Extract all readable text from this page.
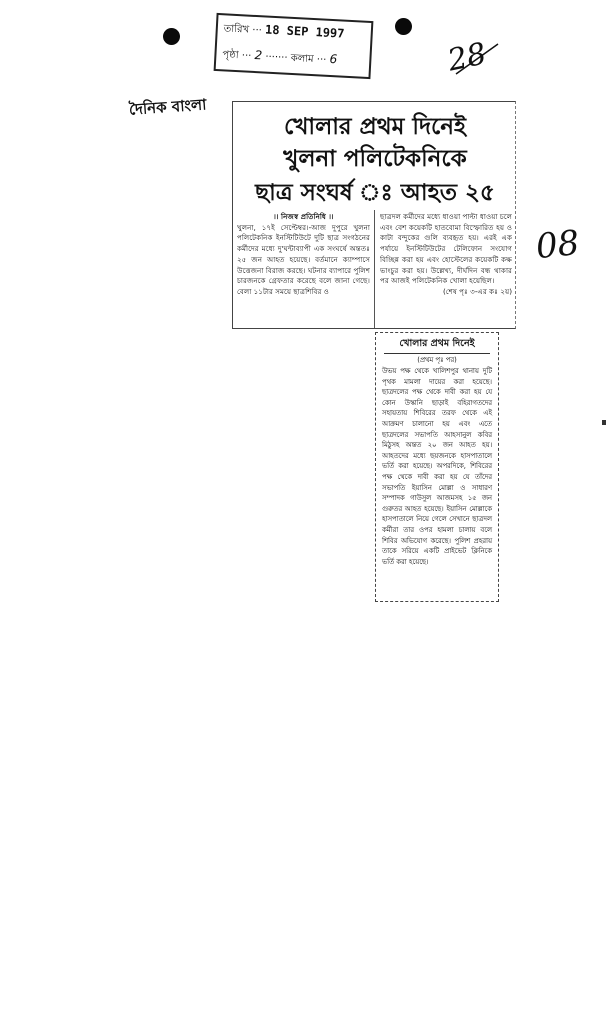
তারিখ ··· 18 SEP 1997
পৃষ্ঠা ··· 2 ······· কলাম ··· 6	28
08
দৈনিক বাংলা
খোলার প্রথম দিনেই
খুলনা পলিটেকনিকে
ছাত্র সংঘর্ষ ঃ আহত ২৫
।। নিজস্ব প্রতিনিধি ।।
খুলনা, ১৭ই সেপ্টেম্বর।-আজ দুপুরে খুলনা পলিটেকনিক ইনস্টিটিউটে দুটি ছাত্র সংগঠনের কর্মীদের মধ্যে দু'ঘন্টাব্যাপী এক সংঘর্ষে অন্ততঃ ২৫ জন আহত হয়েছে। বর্তমানে ক্যাম্পাসে উত্তেজনা বিরাজ করছে। ঘটনার ব্যাপারে পুলিশ চারজনকে গ্রেফতার করেছে বলে জানা গেছে। বেলা ১১টার সময়ে ছাত্রশিবির ও
ছাত্রদল কর্মীদের মধ্যে ধাওয়া পাল্টা ধাওয়া চলে এবং বেশ কয়েকটি হাতবোমা বিস্ফোরিত হয় ও কাটা বন্দুকের গুলি ব্যবহৃত হয়। এরই এক পর্যায়ে ইনস্টিটিউটের টেলিফোন সংযোগ বিচ্ছিন্ন করা হয় এবং হোস্টেলের কয়েকটি কক্ষ ভাংচুর করা হয়। উল্লেখ্য, দীর্ঘদিন বন্ধ থাকার পর আজই পলিটেকনিক খোলা হয়েছিল।
(শেষ পৃঃ ৩-এর কঃ ২য়)
খোলার প্রথম দিনেই
(প্রথম পৃঃ পর)
উভয় পক্ষ থেকে খালিশপুর থানায় দুটি পৃথক মামলা দায়ের করা হয়েছে। ছাত্রদলের পক্ষ থেকে দাবী করা হয় যে কোন উস্কানি ছাড়াই বহিরাগতদের সহায়তায় শিবিরের তরফ থেকে এই আক্রমণ চালানো হয় এবং এতে ছাত্রদলের সভাপতি আহসানুল কবির মিঠুসহ অন্তত ২০ জন আহত হয়। আহতদের মধ্যে ছয়জনকে হাসপাতালে ভর্তি করা হয়েছে। অপরদিকে, শিবিরের পক্ষ থেকে দাবী করা হয় যে তাঁদের সভাপতি ইয়াসিন মোল্লা ও সাধারণ সম্পাদক গাউসুল আজমসহ ১৫ জন গুরুতর আহত হয়েছে। ইয়াসিন মোল্লাকে হাসপাতালে নিয়ে গেলে সেখানে ছাত্রদল কর্মীরা তার ওপর হামলা চালায় বলে শিবির অভিযোগ করেছে। পুলিশ প্রহরায় তাকে সরিয়ে একটি প্রাইভেট ক্লিনিকে ভর্তি করা হয়েছে।
